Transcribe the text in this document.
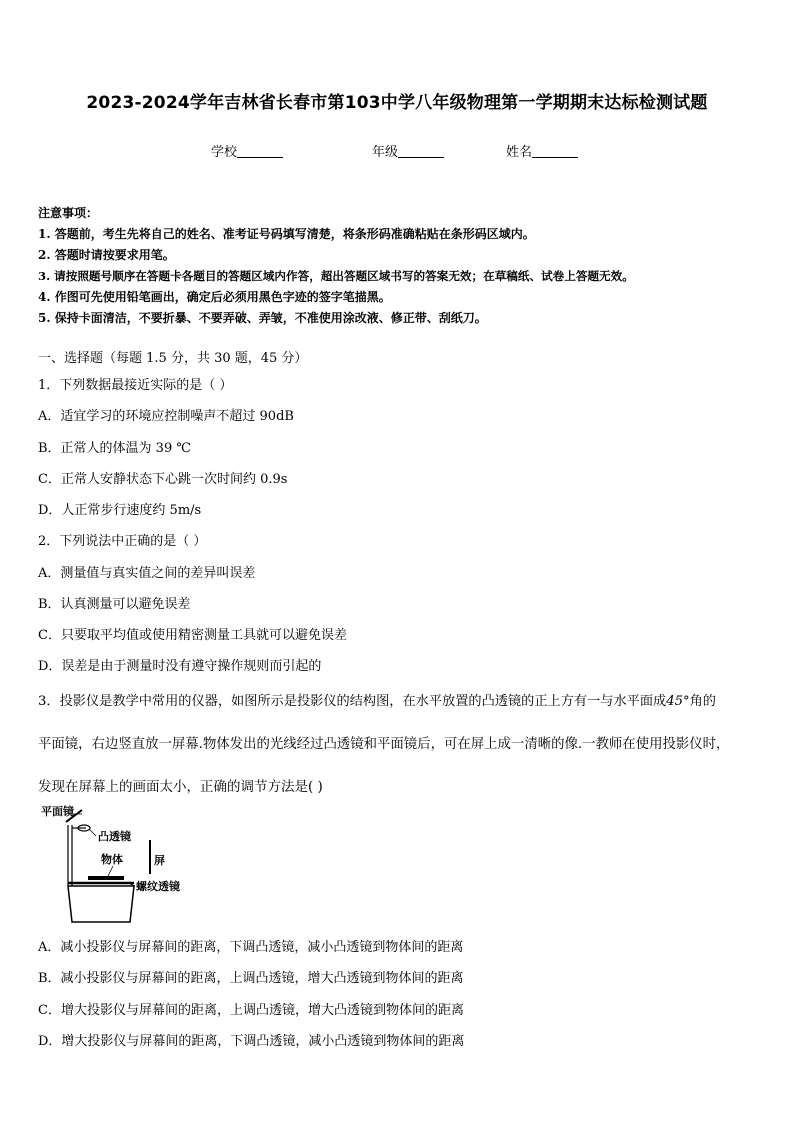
2023-2024学年吉林省长春市第103中学八年级物理第一学期期末达标检测试题
学校	年级	姓名
注意事项：
1. 答题前，考生先将自己的姓名、准考证号码填写清楚，将条形码准确粘贴在条形码区域内。
2. 答题时请按要求用笔。
3. 请按照题号顺序在答题卡各题目的答题区域内作答，超出答题区域书写的答案无效；在草稿纸、试卷上答题无效。
4. 作图可先使用铅笔画出，确定后必须用黑色字迹的签字笔描黑。
5. 保持卡面清洁，不要折暴、不要弄破、弄皱，不准使用涂改液、修正带、刮纸刀。
一、选择题（每题 1.5 分，共 30 题，45 分）
1．下列数据最接近实际的是（ ）
A．适宜学习的环境应控制噪声不超过 90dB
B．正常人的体温为 39 ℃
C．正常人安静状态下心跳一次时间约 0.9s
D．人正常步行速度约 5m/s
2．下列说法中正确的是（ ）
A．测量值与真实值之间的差异叫误差
B．认真测量可以避免误差
C．只要取平均值或使用精密测量工具就可以避免误差
D．误差是由于测量时没有遵守操作规则而引起的
3．投影仪是教学中常用的仪器，如图所示是投影仪的结构图，在水平放置的凸透镜的正上方有一与水平面成45°角的
平面镜，右边竖直放一屏幕.物体发出的光线经过凸透镜和平面镜后，可在屏上成一清晰的像.一教师在使用投影仪时，
发现在屏幕上的画面太小，正确的调节方法是( )
平面镜
凸透镜
物体	屏
螺纹透镜
A．减小投影仪与屏幕间的距离，下调凸透镜，减小凸透镜到物体间的距离
B．减小投影仪与屏幕间的距离，上调凸透镜，增大凸透镜到物体间的距离
C．增大投影仪与屏幕间的距离，上调凸透镜，增大凸透镜到物体间的距离
D．增大投影仪与屏幕间的距离，下调凸透镜，减小凸透镜到物体间的距离
